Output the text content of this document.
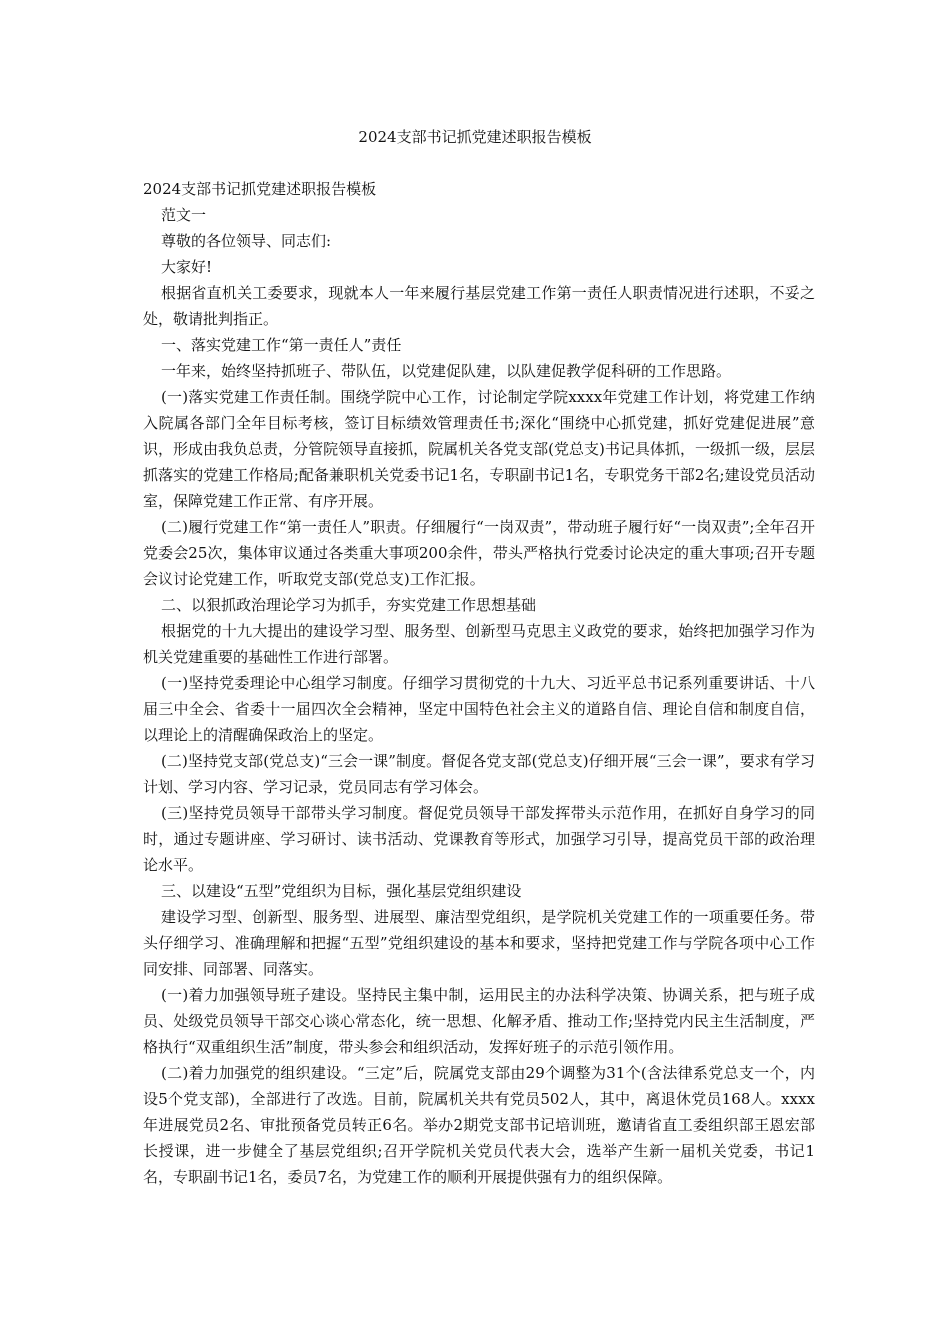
2024支部书记抓党建述职报告模板

2024支部书记抓党建述职报告模板

范文一

尊敬的各位领导、同志们:

大家好!

根据省直机关工委要求，现就本人一年来履行基层党建工作第一责任人职责情况进行述职，不妥之处，敬请批判指正。

一、落实党建工作“第一责任人”责任

一年来，始终坚持抓班子、带队伍，以党建促队建，以队建促教学促科研的工作思路。

(一)落实党建工作责任制。围绕学院中心工作，讨论制定学院xxxx年党建工作计划，将党建工作纳入院属各部门全年目标考核，签订目标绩效管理责任书;深化“围绕中心抓党建，抓好党建促进展”意识，形成由我负总责，分管院领导直接抓，院属机关各党支部(党总支)书记具体抓，一级抓一级，层层抓落实的党建工作格局;配备兼职机关党委书记1名，专职副书记1名，专职党务干部2名;建设党员活动室，保障党建工作正常、有序开展。

(二)履行党建工作“第一责任人”职责。仔细履行“一岗双责”，带动班子履行好“一岗双责”;全年召开党委会25次，集体审议通过各类重大事项200余件，带头严格执行党委讨论决定的重大事项;召开专题会议讨论党建工作，听取党支部(党总支)工作汇报。

二、以狠抓政治理论学习为抓手，夯实党建工作思想基础

根据党的十九大提出的建设学习型、服务型、创新型马克思主义政党的要求，始终把加强学习作为机关党建重要的基础性工作进行部署。

(一)坚持党委理论中心组学习制度。仔细学习贯彻党的十九大、习近平总书记系列重要讲话、十八届三中全会、省委十一届四次全会精神，坚定中国特色社会主义的道路自信、理论自信和制度自信，以理论上的清醒确保政治上的坚定。

(二)坚持党支部(党总支)“三会一课”制度。督促各党支部(党总支)仔细开展“三会一课”，要求有学习计划、学习内容、学习记录，党员同志有学习体会。

(三)坚持党员领导干部带头学习制度。督促党员领导干部发挥带头示范作用，在抓好自身学习的同时，通过专题讲座、学习研讨、读书活动、党课教育等形式，加强学习引导，提高党员干部的政治理论水平。

三、以建设“五型”党组织为目标，强化基层党组织建设

建设学习型、创新型、服务型、进展型、廉洁型党组织，是学院机关党建工作的一项重要任务。带头仔细学习、准确理解和把握“五型”党组织建设的基本和要求，坚持把党建工作与学院各项中心工作同安排、同部署、同落实。

(一)着力加强领导班子建设。坚持民主集中制，运用民主的办法科学决策、协调关系，把与班子成员、处级党员领导干部交心谈心常态化，统一思想、化解矛盾、推动工作;坚持党内民主生活制度，严格执行“双重组织生活”制度，带头参会和组织活动，发挥好班子的示范引领作用。

(二)着力加强党的组织建设。“三定”后，院属党支部由29个调整为31个(含法律系党总支一个，内设5个党支部)，全部进行了改选。目前，院属机关共有党员502人，其中，离退休党员168人。xxxx年进展党员2名、审批预备党员转正6名。举办2期党支部书记培训班，邀请省直工委组织部王恩宏部长授课，进一步健全了基层党组织;召开学院机关党员代表大会，选举产生新一届机关党委，书记1名，专职副书记1名，委员7名，为党建工作的顺利开展提供强有力的组织保障。
